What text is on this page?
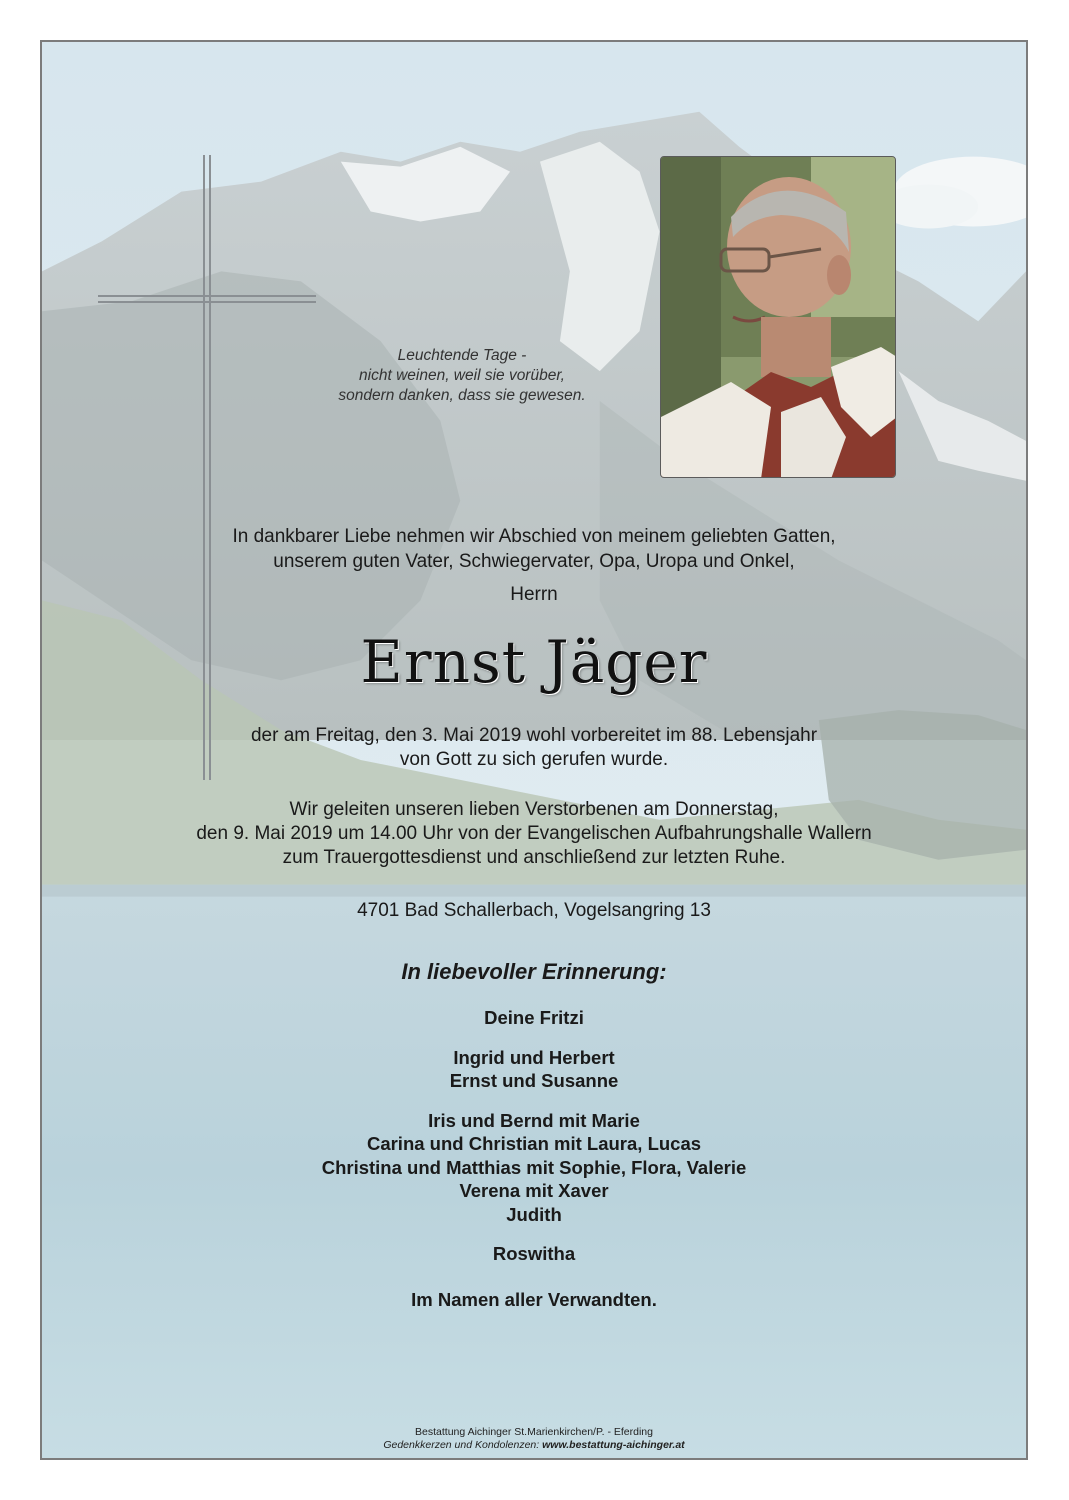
Leuchtende Tage -
nicht weinen, weil sie vorüber,
sondern danken, dass sie gewesen.
In dankbarer Liebe nehmen wir Abschied von meinem geliebten Gatten,
unserem guten Vater, Schwiegervater, Opa, Uropa und Onkel,
Herrn
Ernst Jäger
der am Freitag, den 3. Mai 2019 wohl vorbereitet im 88. Lebensjahr
von Gott zu sich gerufen wurde.
Wir geleiten unseren lieben Verstorbenen am Donnerstag,
den 9. Mai 2019 um 14.00 Uhr von der Evangelischen Aufbahrungshalle Wallern
zum Trauergottesdienst und anschließend zur letzten Ruhe.
4701 Bad Schallerbach, Vogelsangring 13
In liebevoller Erinnerung:
Deine Fritzi
Ingrid und Herbert
Ernst und Susanne
Iris und Bernd mit Marie
Carina und Christian mit Laura, Lucas
Christina und Matthias mit Sophie, Flora, Valerie
Verena mit Xaver
Judith
Roswitha
Im Namen aller Verwandten.
Bestattung Aichinger St.Marienkirchen/P. - Eferding
Gedenkkerzen und Kondolenzen: www.bestattung-aichinger.at
